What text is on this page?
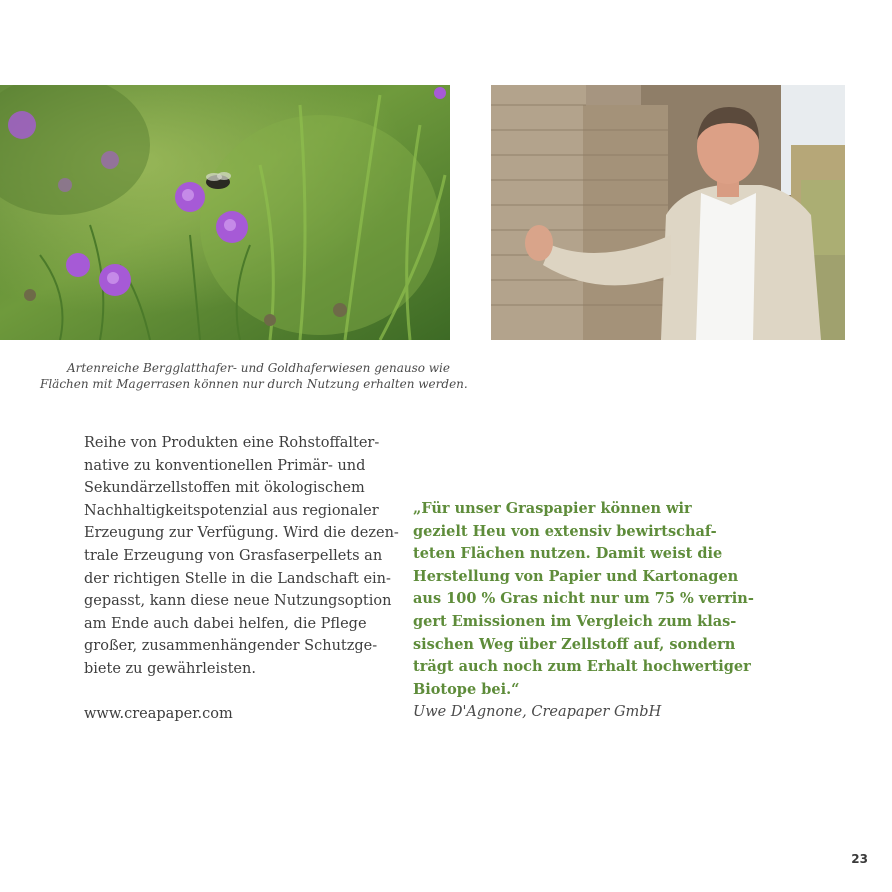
Artenreiche Bergglatthafer- und Goldhaferwiesen genauso wie
Flächen mit Magerrasen können nur durch Nutzung erhalten werden.
Reihe von Produkten eine Rohstoffalter-
native zu konventionellen Primär- und
Sekundärzellstoffen mit ökologischem
Nachhaltigkeitspotenzial aus regionaler
Erzeugung zur Verfügung. Wird die dezen-
trale Erzeugung von Grasfaserpellets an
der richtigen Stelle in die Landschaft ein-
gepasst, kann diese neue Nutzungsoption
am Ende auch dabei helfen, die Pflege
großer, zusammenhängender Schutzge-
biete zu gewährleisten.
www.creapaper.com
„Für unser Graspapier können wir
gezielt Heu von extensiv bewirtschaf-
teten Flächen nutzen. Damit weist die
Herstellung von Papier und Kartonagen
aus 100 % Gras nicht nur um 75 % verrin-
gert Emissionen im Vergleich zum klas-
sischen Weg über Zellstoff auf, sondern
trägt auch noch zum Erhalt hochwertiger
Biotope bei.“
Uwe D'Agnone, Creapaper GmbH
23
